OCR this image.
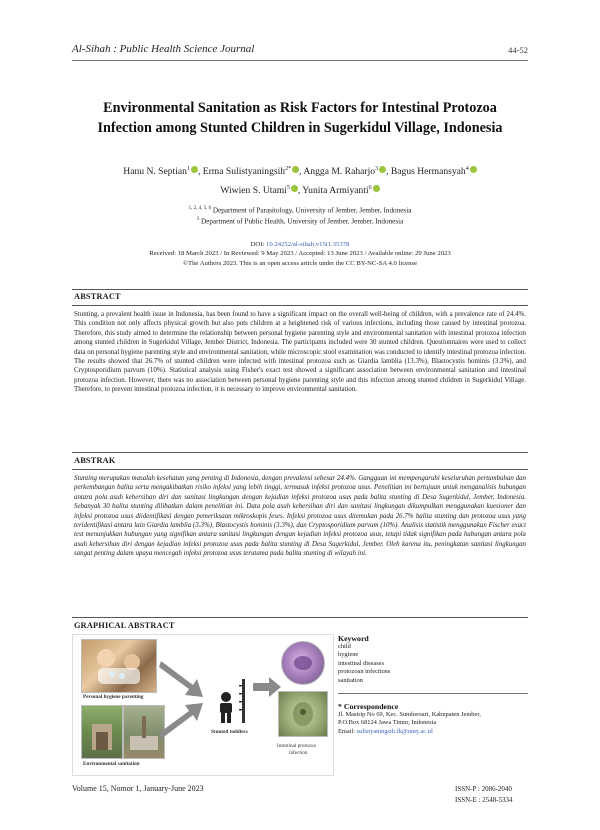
Al-Sihah : Public Health Science Journal	44-52
Environmental Sanitation as Risk Factors for Intestinal Protozoa
Infection among Stunted Children in Sugerkidul Village, Indonesia
Hanu N. Septian$^1$ , Erma Sulistyaningsih$^{2*}$ , Angga M. Raharjo$^3$ , Bagus Hermansyah$^4$
Wiwien S. Utami$^5$ , Yunita Armiyanti$^6$
$^{1, 2, 4, 5, 6}$ Department of Parasitology, University of Jember, Jember, Indonesia
$^3$ Department of Public Health, University of Jember, Jember, Indonesia
DOI: 10.24252/al-sihah.v15i1.35378
Received: 18 March 2023 / In Reviewed: 9 May 2023 / Accepted: 13 June 2023 / Available online: 29 June 2023
©The Authors 2023. This is an open access article under the CC BY-NC-SA 4.0 license
ABSTRACT
Stunting, a prevalent health issue in Indonesia, has been found to have a significant impact on the overall well-being of children, with a prevalence rate of 24.4%. This condition not only affects physical growth but also puts children at a heightened risk of various infections, including those caused by intestinal protozoa. Therefore, this study aimed to determine the relationship between personal hygiene parenting style and environmental sanitation with intestinal protozoa infection among stunted children in Sugerkidul Village, Jember District, Indonesia. The participants included were 30 stunted children. Questionnaires were used to collect data on personal hygiene parenting style and environmental sanitation, while microscopic stool examination was conducted to identify intestinal protozoa infection. The results showed that 26.7% of stunted children were infected with intestinal protozoa such as Giardia lamblia (13.3%), Blastocystis hominis (3.3%), and Cryptosporidium parvum (10%). Statistical analysis using Fisher's exact test showed a significant association between environmental sanitation and intestinal protozoa infection. However, there was no association between personal hygiene parenting style and this infection among stunted children in Sugerkidul Village. Therefore, to prevent intestinal protozoa infection, it is necessary to improve environmental sanitation.
ABSTRAK
Stunting merupakan masalah kesehatan yang penting di Indonesia, dengan prevalensi sebesar 24.4%. Gangguan ini mempengaruhi keseluruhan pertumbuhan dan perkembangan balita serta mengakibatkan risiko infeksi yang lebih tinggi, termasuk infeksi protozoa usus. Penelitian ini bertujuan untuk menganalisis hubungan antara pola asuh kebersihan diri dan sanitasi lingkungan dengan kejadian infeksi protozoa usus pada balita stunting di Desa Sugerkidul, Jember, Indonesia. Sebanyak 30 balita stunting dilibatkan dalam penelitian ini. Data pola asuh kebersihan diri dan sanitasi lingkungan dikumpulkan menggunakan kuesioner dan infeksi protozoa usus diidentifikasi dengan pemeriksaan mikroskopis feses. Infeksi protozoa usus ditemukan pada 26.7% balita stunting dan protozoa usus yang teridentifikasi antara lain Giardia lamblia (3.3%), Blastocystis hominis (3.3%), dan Cryptosporidium parvum (10%). Analisis statistik menggunakan Fischer exact test menunjukkan hubungan yang signifikan antara sanitasi lingkungan dengan kejadian infeksi protozoa usus, tetapi tidak signifikan pada hubungan antara pola asuh kebersihan diri dengan kejadian infeksi protozoa usus pada balita stunting di Desa Sugerkidul, Jember. Oleh karena itu, peningkatan sanitasi lingkungan sangat penting dalam upaya mencegah infeksi protozoa usus terutama pada balita stunting di wilayah ini.
GRAPHICAL ABSTRACT
Personal hygiene parenting
Environmental sanitation
Stunted toddlers
Intestinal protozoa
infection
Keyword
child
hygiene
intestinal diseases
protozoan infections
sanitation
* Correspondence
Jl. Mastrip No 69, Kec. Sumbersari, Kabupaten Jember,
P.O.Box 68124 Jawa Timur, Indonesia
Email: sulistyaningsih.fk@unej.ac.id
Volume 15, Nomor 1, January-June 2023	ISSN-P : 2086-2040
ISSN-E : 2548-5334
